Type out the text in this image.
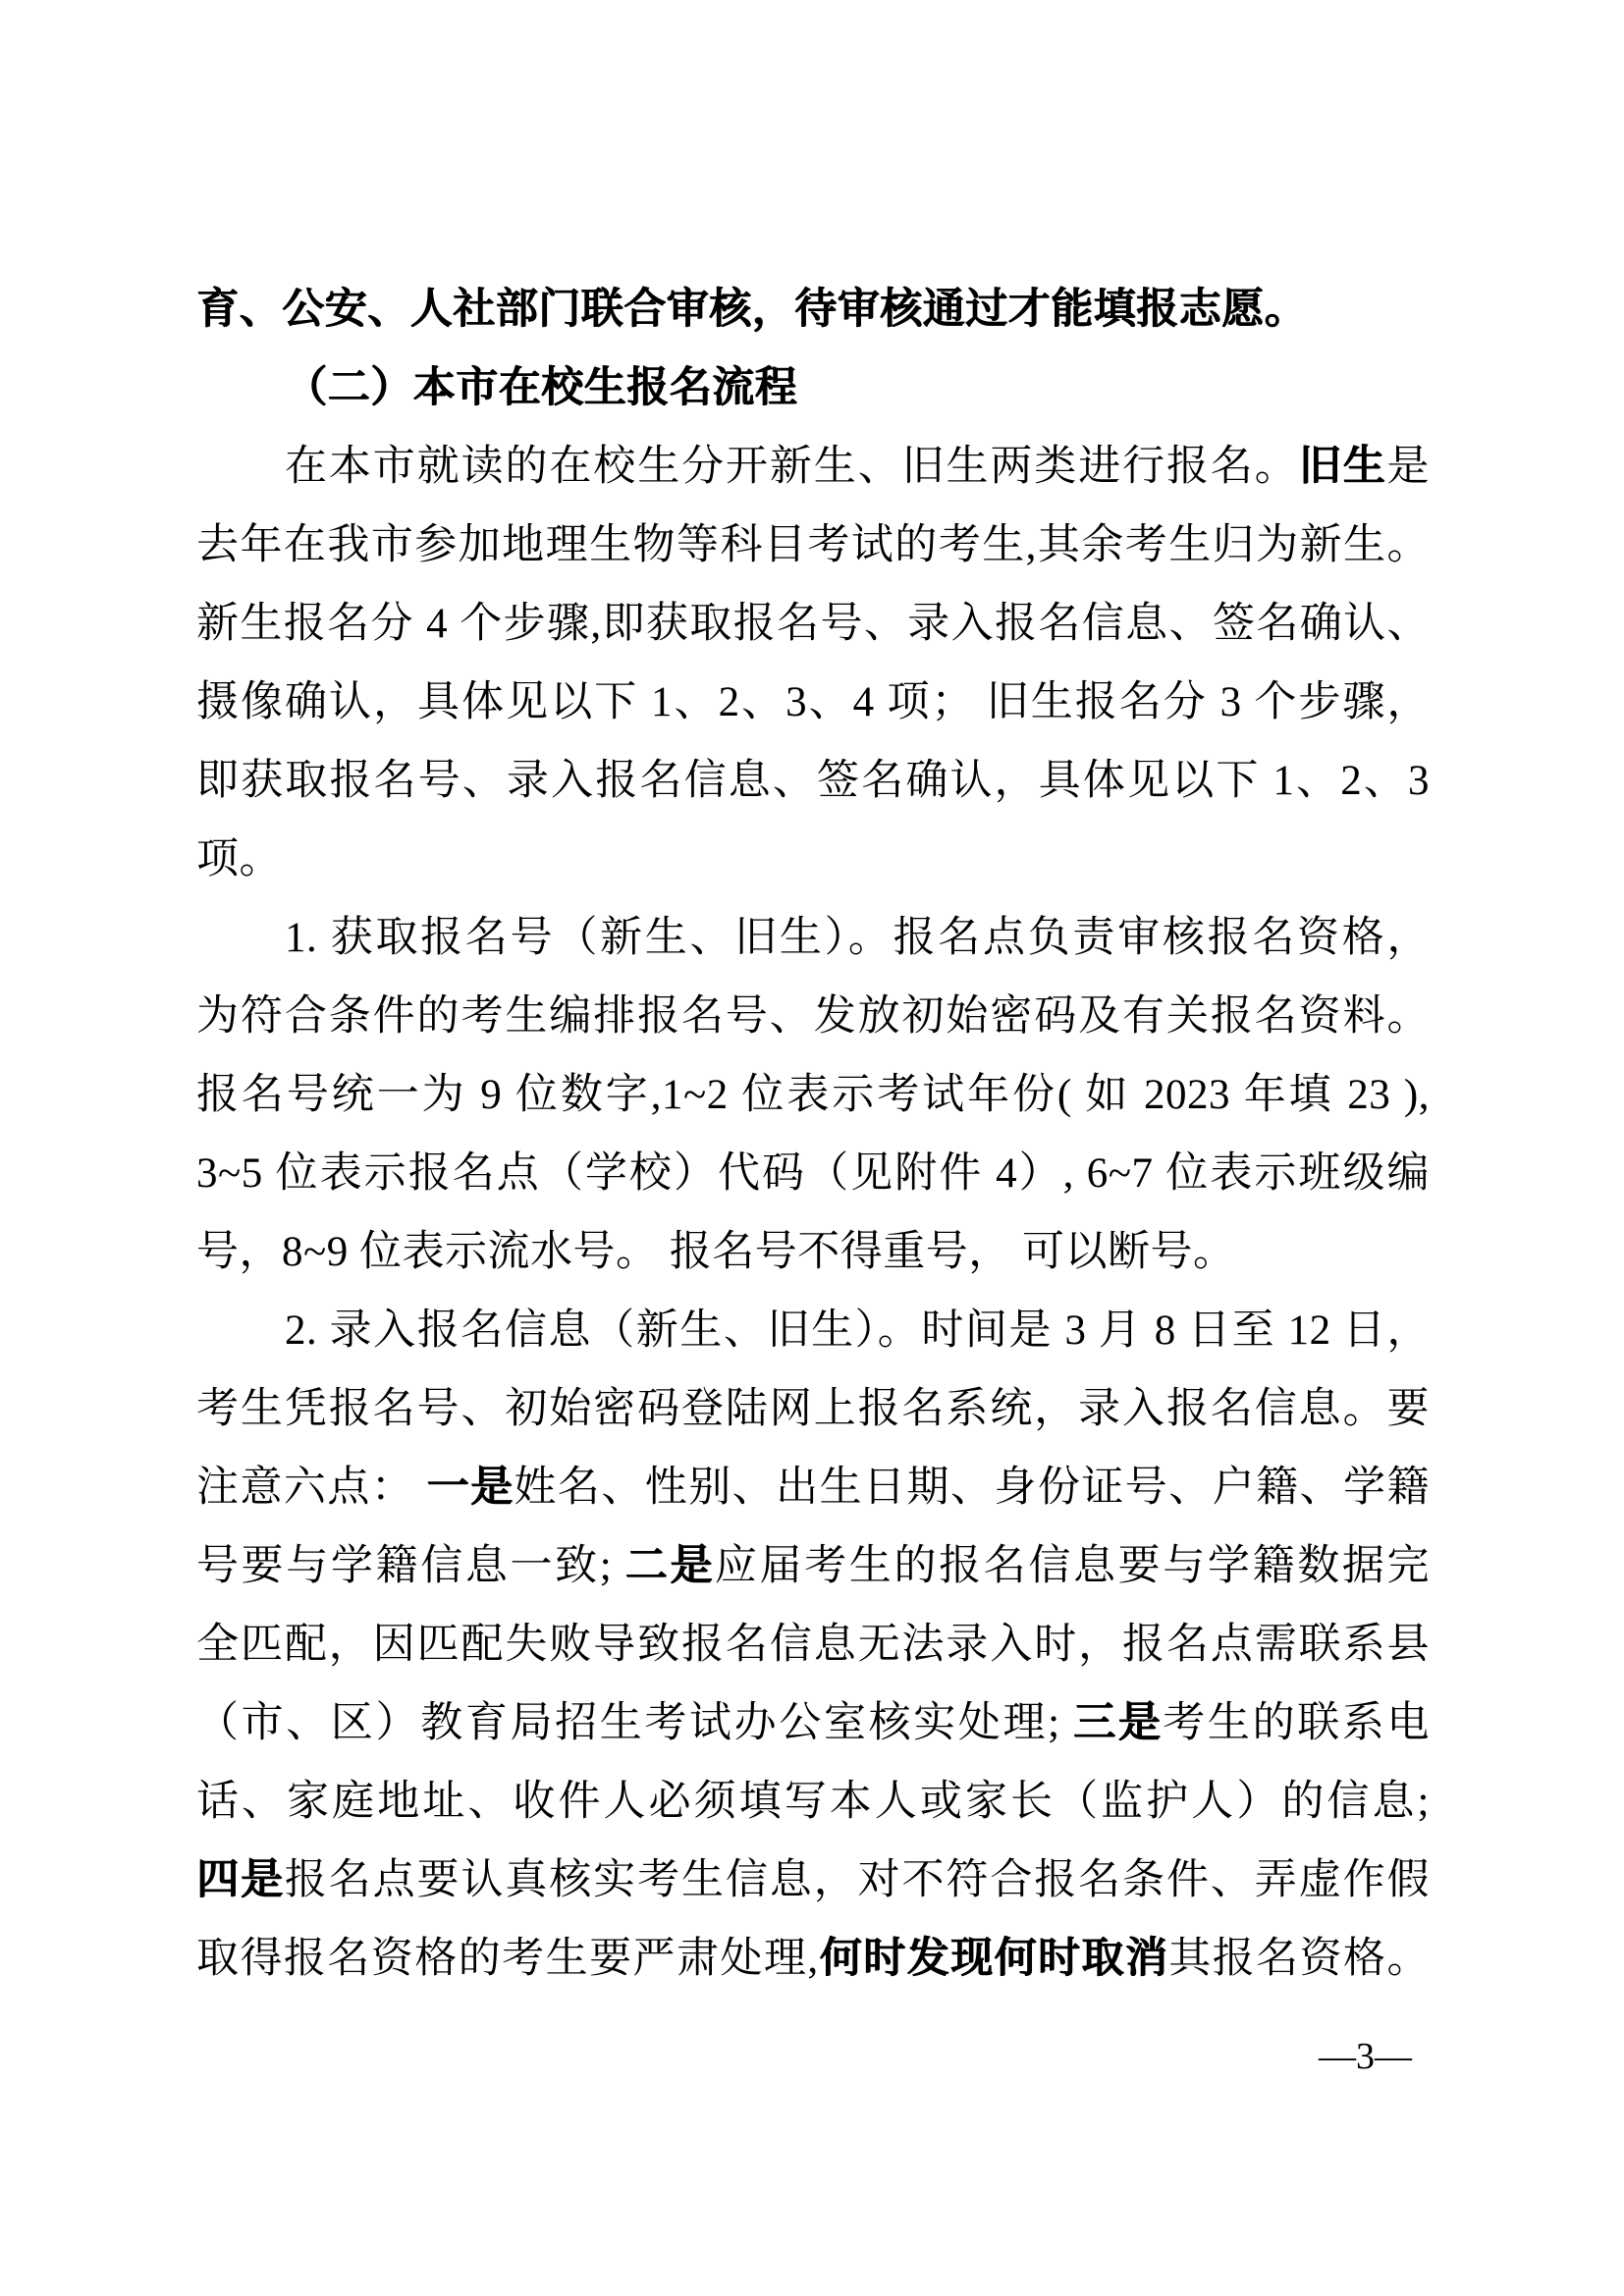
育、公安、人社部门联合审核，待审核通过才能填报志愿。
（二）本市在校生报名流程
在本市就读的在校生分开新生、旧生两类进行报名。旧生是
去年在我市参加地理生物等科目考试的考生,其余考生归为新生。
新生报名分 4 个步骤,即获取报名号、录入报名信息、签名确认、
摄像确认，具体见以下 1、2、3、4 项； 旧生报名分 3 个步骤，
即获取报名号、录入报名信息、签名确认，具体见以下 1、2、3
项。
1. 获取报名号（新生、旧生）。报名点负责审核报名资格，
为符合条件的考生编排报名号、发放初始密码及有关报名资料。
报名号统一为 9 位数字,1~2 位表示考试年份( 如 2023 年填 23 ),
3~5 位表示报名点（学校）代码（见附件 4）, 6~7 位表示班级编
号，8~9 位表示流水号。 报名号不得重号， 可以断号。
2. 录入报名信息（新生、旧生）。时间是 3 月 8 日至 12 日，
考生凭报名号、初始密码登陆网上报名系统，录入报名信息。要
注意六点： 一是姓名、性别、出生日期、身份证号、户籍、学籍
号要与学籍信息一致; 二是应届考生的报名信息要与学籍数据完
全匹配，因匹配失败导致报名信息无法录入时，报名点需联系县
（市、区）教育局招生考试办公室核实处理; 三是考生的联系电
话、家庭地址、收件人必须填写本人或家长（监护人）的信息;
四是报名点要认真核实考生信息，对不符合报名条件、弄虚作假
取得报名资格的考生要严肃处理,何时发现何时取消其报名资格。
—3—
